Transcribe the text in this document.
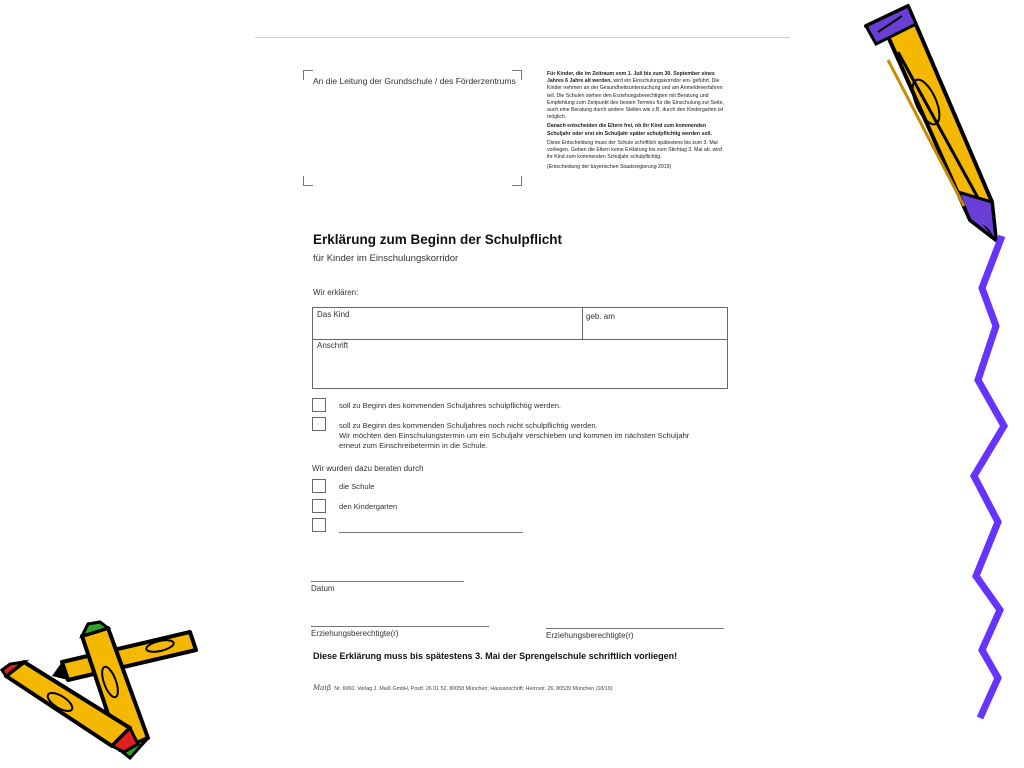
An die Leitung der Grundschule / des Förderzentrums

Für Kinder, die im Zeitraum vom 1. Juli bis zum 30. September eines Jahres 6 Jahre alt werden, wird ein Einschulungskorridor ein- geführt. Die Kinder nehmen an der Gesundheitsuntersuchung und am Anmeldeverfahren teil. Die Schulen stehen den Erziehungsberechtigten mit Beratung und Empfehlung zum Zeitpunkt des besten Termins für die Einschulung zur Seite, auch eine Beratung durch andere Stellen wie z.B. durch den Kindergarten ist möglich.

Danach entscheiden die Eltern frei, ob ihr Kind zum kommenden Schuljahr oder erst ein Schuljahr später schulpflichtig werden soll.

Diese Entscheidung muss der Schule schriftlich spätestens bis zum 3. Mai vorliegen. Geben die Eltern keine Erklärung bis zum Stichtag 3. Mai ab, wird ihr Kind zum kommenden Schuljahr schulpflichtig.

(Entscheidung der bayerischen Staatsregierung 2019)

Erklärung zum Beginn der Schulpflicht
für Kinder im Einschulungskorridor
Wir erklären:
Das Kind	geb. am
Anschrift
soll zu Beginn des kommenden Schuljahres schulpflichtig werden.
soll zu Beginn des kommenden Schuljahres noch nicht schulpflichtig werden.
Wir möchten den Einschulungstermin um ein Schuljahr verschieben und kommen im nächsten Schuljahr
erneut zum Einschreibetermin in die Schule.
Wir wurden dazu beraten durch
die Schule
den Kindergarten
Datum
Erziehungsberechtigte(r)	Erziehungsberechtigte(r)
Diese Erklärung muss bis spätestens 3. Mai der Sprengelschule schriftlich vorliegen!
Maiß Nr. 6060. Verlag J. Maiß GmbH, Postf. 26 01 52, 80058 München; Hausanschrift: Herrnstr. 26, 80539 München (18/19)
